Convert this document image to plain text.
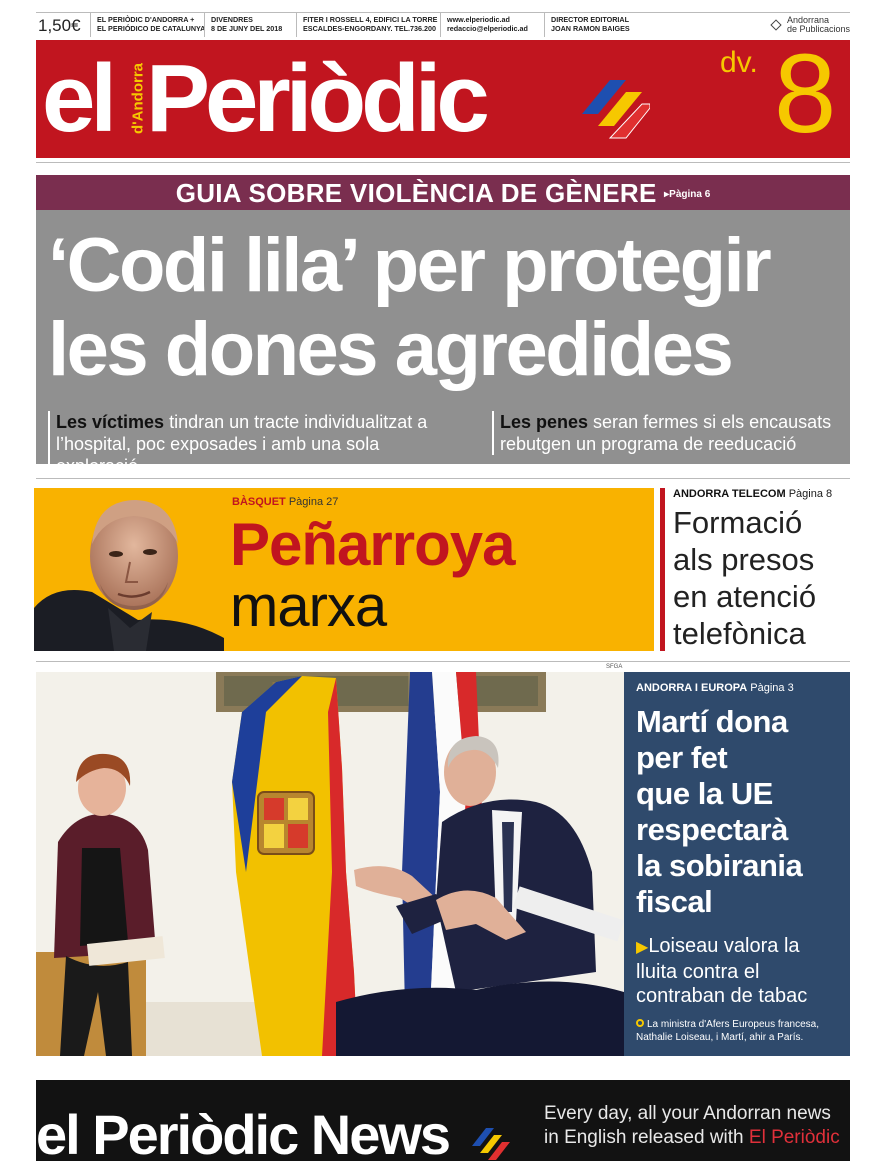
1,50€	EL PERIÒDIC D'ANDORRA +
EL PERIÓDICO DE CATALUNYA
DIVENDRES
8 DE JUNY DEL 2018
FITER I ROSSELL 4, EDIFICI LA TORRE
ESCALDES-ENGORDANY. TEL.736.200
www.elperiodic.ad
redaccio@elperiodic.ad
DIRECTOR EDITORIAL
JOAN RAMON BAIGES
Andorrana
de Publicacions
el d'Andorra Periòdic	dv. 8
GUIA SOBRE VIOLÈNCIA DE GÈNERE ▸Pàgina 6
‘Codi lila’ per protegir
les dones agredides
Les víctimes tindran un tracte individualitzat a l’hospital, poc exposades i amb una sola exploració
Les penes seran fermes si els encausats rebutgen un programa de reeducació
BÀSQUET Pàgina 27
Peñarroya
marxa
ANDORRA TELECOM Pàgina 8
Formació
als presos
en atenció
telefònica
SFGA
ANDORRA I EUROPA Pàgina 3
Martí dona
per fet
que la UE
respectarà
la sobirania
fiscal
▶Loiseau valora la lluita contra el contraban de tabac
La ministra d'Afers Europeus francesa, Nathalie Loiseau, i Martí, ahir a París.
el Periòdic News	Every day, all your Andorran news in English released with El Periòdic
